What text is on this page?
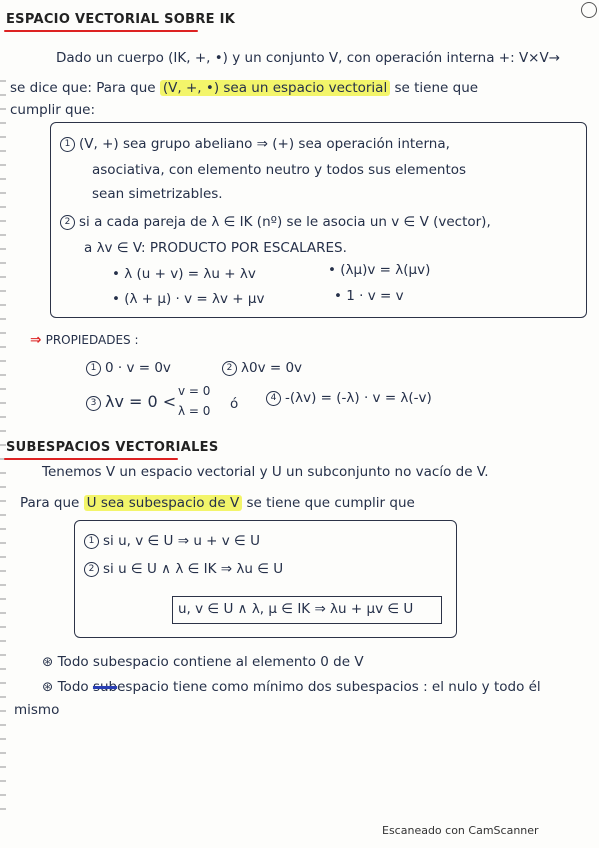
ESPACIO VECTORIAL SOBRE IK
Dado un cuerpo (IK, +, •) y un conjunto V, con operación interna +: V×V→
se dice que: Para que (V, +, •) sea un espacio vectorial se tiene que
cumplir que:
1 (V, +) sea grupo abeliano ⇒ (+) sea operación interna,
asociativa, con elemento neutro y todos sus elementos
sean simetrizables.
2 si a cada pareja de λ ∈ IK (nº) se le asocia un v ∈ V (vector),
a λv ∈ V: PRODUCTO POR ESCALARES.
• λ (u + v) = λu + λv	• (λμ)v = λ(μv)
• (λ + μ) · v = λv + μv	• 1 · v = v
⇒ PROPIEDADES :
1 0 · v = 0v	2 λ0v = 0v
3 λv = 0 <
v = 0
λ = 0 ó	4 -(λv) = (-λ) · v = λ(-v)
SUBESPACIOS VECTORIALES
Tenemos V un espacio vectorial y U un subconjunto no vacío de V.
Para que U sea subespacio de V se tiene que cumplir que
1 si u, v ∈ U ⇒ u + v ∈ U
2 si u ∈ U ∧ λ ∈ IK ⇒ λu ∈ U
u, v ∈ U ∧ λ, μ ∈ IK ⇒ λu + μv ∈ U
⊛ Todo subespacio contiene al elemento 0 de V
⊛ Todo subespacio tiene como mínimo dos subespacios : el nulo y todo él
mismo
Escaneado con CamScanner
